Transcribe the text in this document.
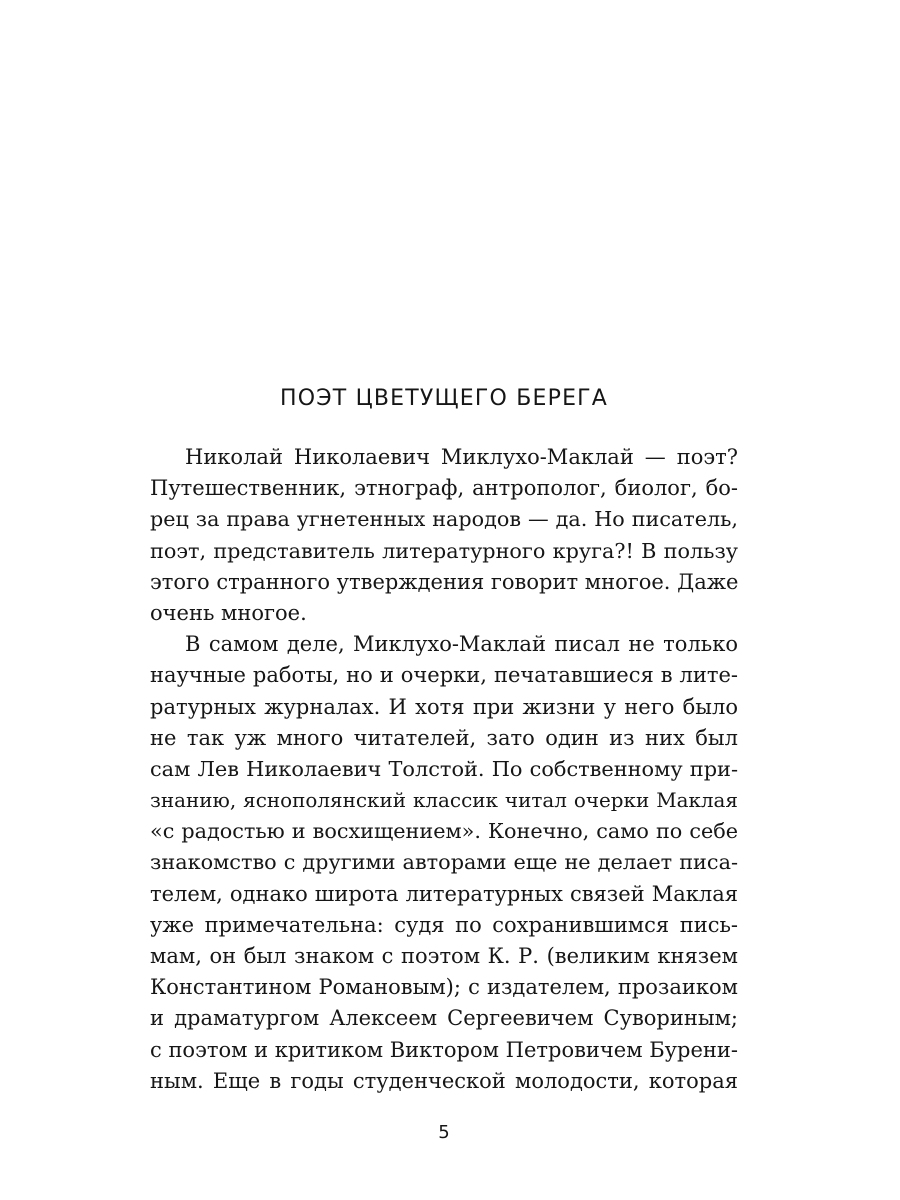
ПОЭТ ЦВЕТУЩЕГО БЕРЕГА
Николай Николаевич Миклухо-Маклай — поэт?
Путешественник, этнограф, антрополог, биолог, бо-
рец за права угнетенных народов — да. Но писатель,
поэт, представитель литературного круга?! В пользу
этого странного утверждения говорит многое. Даже
очень многое.
В самом деле, Миклухо-Маклай писал не только
научные работы, но и очерки, печатавшиеся в лите-
ратурных журналах. И хотя при жизни у него было
не так уж много читателей, зато один из них был
сам Лев Николаевич Толстой. По собственному при-
знанию, яснополянский классик читал очерки Маклая
«с радостью и восхищением». Конечно, само по себе
знакомство с другими авторами еще не делает писа-
телем, однако широта литературных связей Маклая
уже примечательна: судя по сохранившимся пись-
мам, он был знаком с поэтом К. Р. (великим князем
Константином Романовым); с издателем, прозаиком
и драматургом Алексеем Сергеевичем Сувориным;
с поэтом и критиком Виктором Петровичем Бурени-
ным. Еще в годы студенческой молодости, которая
5
